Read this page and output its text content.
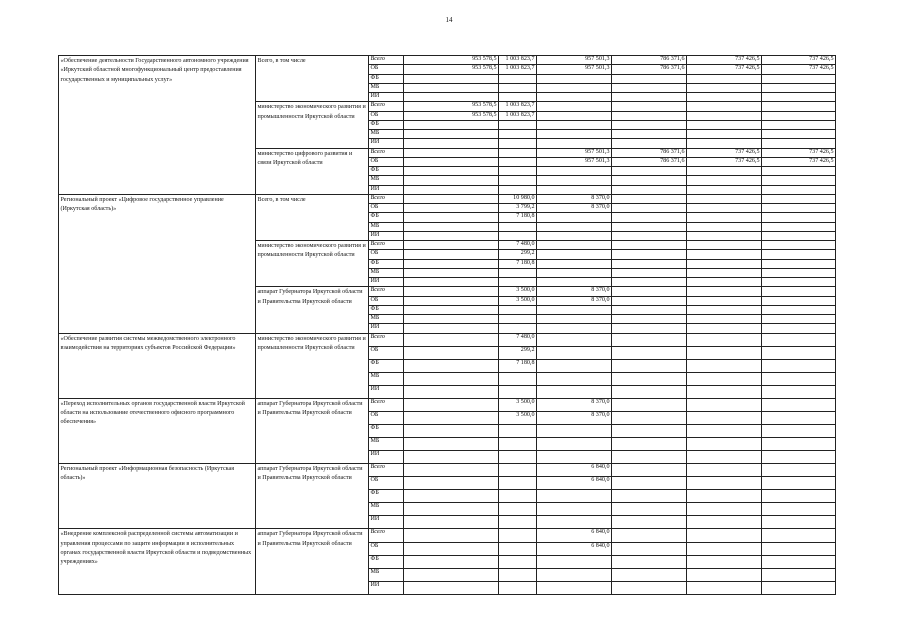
14
«Обеспечение деятельности Государственного автономного учреждения «Иркутский областной многофункциональный центр предоставления государственных и муниципальных услуг»	Всего, в том числе	Всего	953 578,5	1 003 823,7	957 501,3	786 371,6	737 426,5	737 426,5
		ОБ	953 578,5	1 003 823,7	957 501,3	786 371,6	737 426,5	737 426,5
		ФБ						
		МБ						
		ИИ						
	министерство экономического развития и промышленности Иркутской области	Всего	953 578,5	1 003 823,7				
		ОБ	953 578,5	1 003 823,7				
		ФБ						
		МБ						
		ИИ						
	министерство цифрового развития и связи Иркутской области	Всего			957 501,3	786 371,6	737 426,5	737 426,5
		ОБ			957 501,3	786 371,6	737 426,5	737 426,5
		ФБ						
		МБ						
		ИИ						
Региональный проект «Цифровое государственное управление (Иркутская область)»	Всего, в том числе	Всего		10 980,0	8 370,0			
		ОБ		3 799,2	8 370,0			
		ФБ		7 180,8				
		МБ						
		ИИ						
	министерство экономического развития и промышленности Иркутской области	Всего		7 480,0				
		ОБ		299,2				
		ФБ		7 180,8				
		МБ						
		ИИ						
	аппарат Губернатора Иркутской области и Правительства Иркутской области	Всего		3 500,0	8 370,0			
		ОБ		3 500,0	8 370,0			
		ФБ						
		МБ						
		ИИ						
«Обеспечение развития системы межведомственного электронного взаимодействия на территориях субъектов Российской Федерации»	министерство экономического развития и промышленности Иркутской области	Всего		7 480,0				
		ОБ		299,2				
		ФБ		7 180,8				
		МБ						
		ИИ						
«Переход исполнительных органов государственной власти Иркутской области на использование отечественного офисного программного обеспечения»	аппарат Губернатора Иркутской области и Правительства Иркутской области	Всего		3 500,0	8 370,0			
		ОБ		3 500,0	8 370,0			
		ФБ						
		МБ						
		ИИ						
Региональный проект «Информационная безопасность (Иркутская область)»	аппарат Губернатора Иркутской области и Правительства Иркутской области	Всего			6 840,0			
		ОБ			6 840,0			
		ФБ						
		МБ						
		ИИ						
«Внедрение комплексной распределенной системы автоматизации и управления процессами по защите информации в исполнительных органах государственной власти Иркутской области и подведомственных учреждениях»	аппарат Губернатора Иркутской области и Правительства Иркутской области	Всего			6 840,0			
		ОБ			6 840,0			
		ФБ						
		МБ						
		ИИ						
